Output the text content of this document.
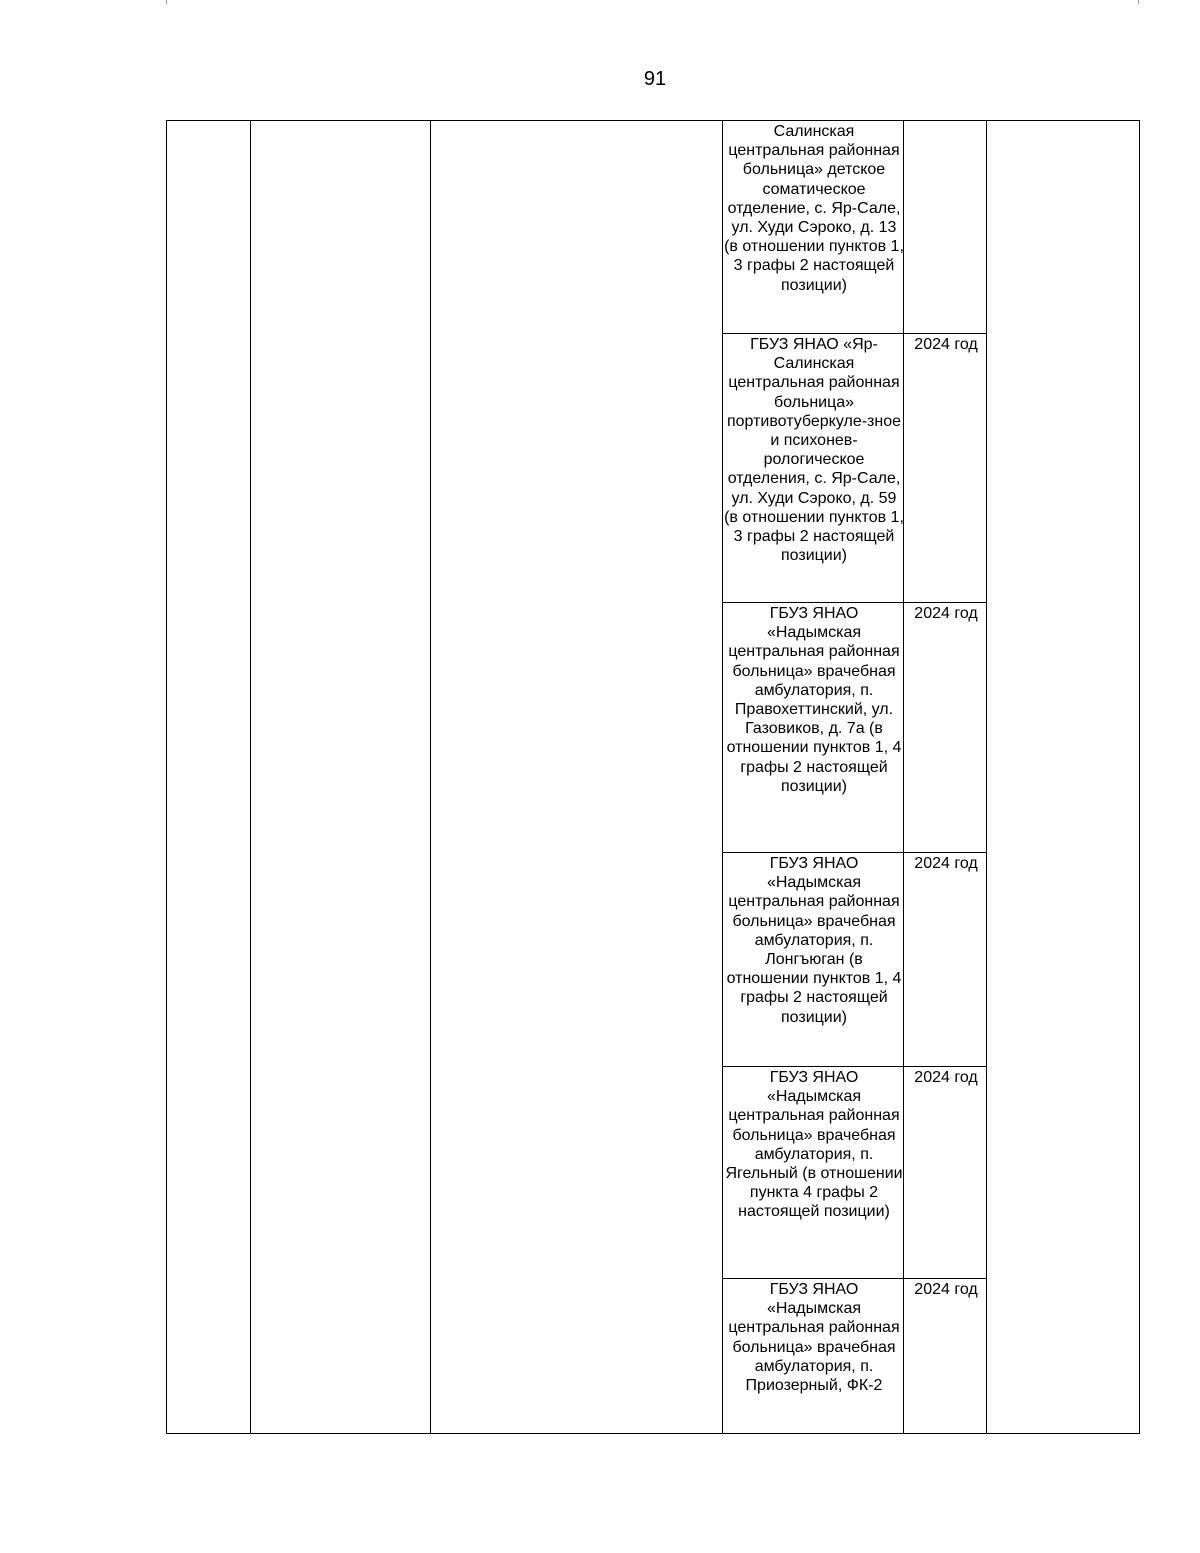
91
Салинская центральная районная больница» детское соматическое отделение, с. Яр-Сале, ул. Худи Сэроко, д. 13 (в отношении пунктов 1, 3 графы 2 настоящей позиции)
ГБУЗ ЯНАО «Яр-Салинская центральная районная больница» портивотуберкуле-зное и психонев-рологическое отделения, с. Яр-Сале, ул. Худи Сэроко, д. 59 (в отношении пунктов 1, 3 графы 2 настоящей позиции)
2024 год
ГБУЗ ЯНАО «Надымская центральная районная больница» врачебная амбулатория, п. Правохеттинский, ул. Газовиков, д. 7а (в отношении пунктов 1, 4 графы 2 настоящей позиции)
2024 год
ГБУЗ ЯНАО «Надымская центральная районная больница» врачебная амбулатория, п. Лонгъюган (в отношении пунктов 1, 4 графы 2 настоящей позиции)
2024 год
ГБУЗ ЯНАО «Надымская центральная районная больница» врачебная амбулатория, п. Ягельный (в отношении пункта 4 графы 2 настоящей позиции)
2024 год
ГБУЗ ЯНАО «Надымская центральная районная больница» врачебная амбулатория, п. Приозерный, ФК-2
2024 год
